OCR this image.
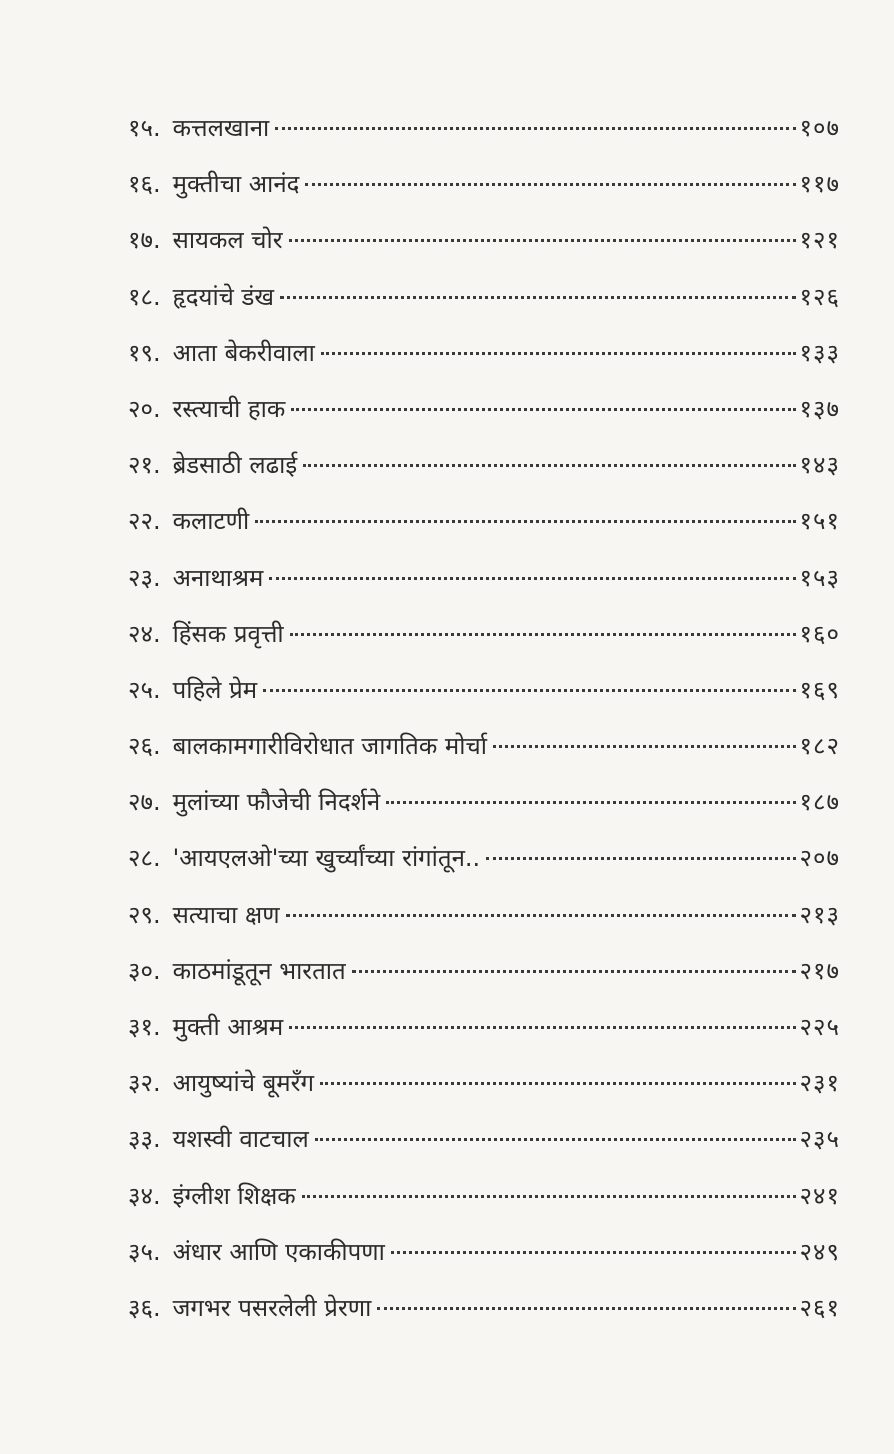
१५. कत्तलखाना	१०७
१६. मुक्तीचा आनंद	११७
१७. सायकल चोर	१२१
१८. हृदयांचे डंख	१२६
१९. आता बेकरीवाला	१३३
२०. रस्त्याची हाक	१३७
२१. ब्रेडसाठी लढाई	१४३
२२. कलाटणी	१५१
२३. अनाथाश्रम	१५३
२४. हिंसक प्रवृत्ती	१६०
२५. पहिले प्रेम	१६९
२६. बालकामगारीविरोधात जागतिक मोर्चा	१८२
२७. मुलांच्या फौजेची निदर्शने	१८७
२८. 'आयएलओ'च्या खुर्च्यांच्या रांगांतून..	२०७
२९. सत्याचा क्षण	२१३
३०. काठमांडूतून भारतात	२१७
३१. मुक्ती आश्रम	२२५
३२. आयुष्यांचे बूमरँग	२३१
३३. यशस्वी वाटचाल	२३५
३४. इंग्लीश शिक्षक	२४१
३५. अंधार आणि एकाकीपणा	२४९
३६. जगभर पसरलेली प्रेरणा	२६१
